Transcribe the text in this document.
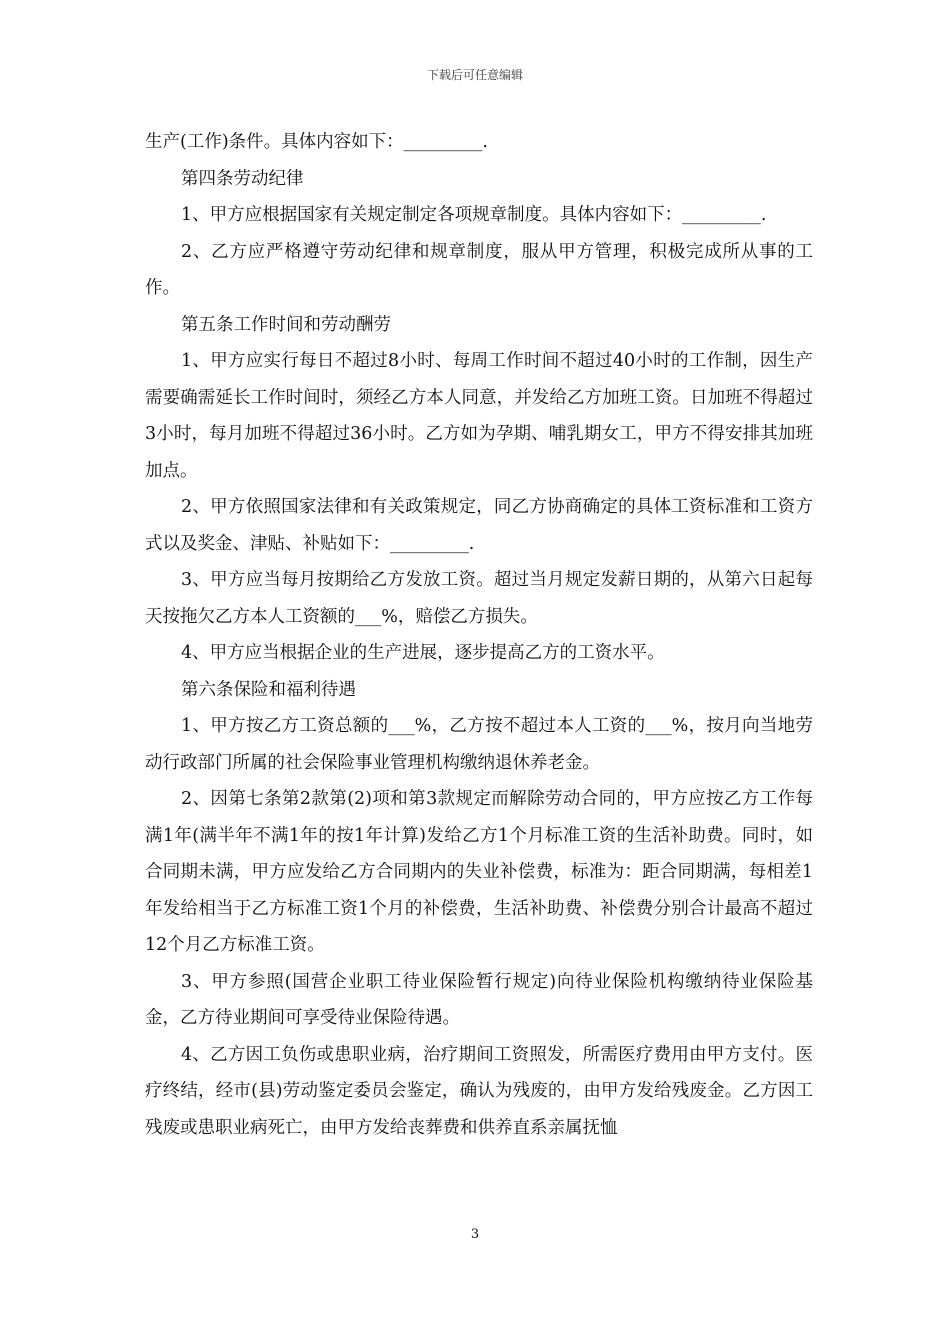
下载后可任意编辑

生产(工作)条件。具体内容如下：_________.

第四条劳动纪律

1、甲方应根据国家有关规定制定各项规章制度。具体内容如下：_________.

2、乙方应严格遵守劳动纪律和规章制度，服从甲方管理，积极完成所从事的工作。

第五条工作时间和劳动酬劳

1、甲方应实行每日不超过8小时、每周工作时间不超过40小时的工作制，因生产需要确需延长工作时间时，须经乙方本人同意，并发给乙方加班工资。日加班不得超过3小时，每月加班不得超过36小时。乙方如为孕期、哺乳期女工，甲方不得安排其加班加点。

2、甲方依照国家法律和有关政策规定，同乙方协商确定的具体工资标准和工资方式以及奖金、津贴、补贴如下：_________.

3、甲方应当每月按期给乙方发放工资。超过当月规定发薪日期的，从第六日起每天按拖欠乙方本人工资额的___%，赔偿乙方损失。

4、甲方应当根据企业的生产进展，逐步提高乙方的工资水平。

第六条保险和福利待遇

1、甲方按乙方工资总额的___%，乙方按不超过本人工资的___%，按月向当地劳动行政部门所属的社会保险事业管理机构缴纳退休养老金。

2、因第七条第2款第(2)项和第3款规定而解除劳动合同的，甲方应按乙方工作每满1年(满半年不满1年的按1年计算)发给乙方1个月标准工资的生活补助费。同时，如合同期未满，甲方应发给乙方合同期内的失业补偿费，标准为：距合同期满，每相差1年发给相当于乙方标准工资1个月的补偿费，生活补助费、补偿费分别合计最高不超过12个月乙方标准工资。

3、甲方参照(国营企业职工待业保险暂行规定)向待业保险机构缴纳待业保险基金，乙方待业期间可享受待业保险待遇。

4、乙方因工负伤或患职业病，治疗期间工资照发，所需医疗费用由甲方支付。医疗终结，经市(县)劳动鉴定委员会鉴定，确认为残废的，由甲方发给残废金。乙方因工残废或患职业病死亡，由甲方发给丧葬费和供养直系亲属抚恤

3
